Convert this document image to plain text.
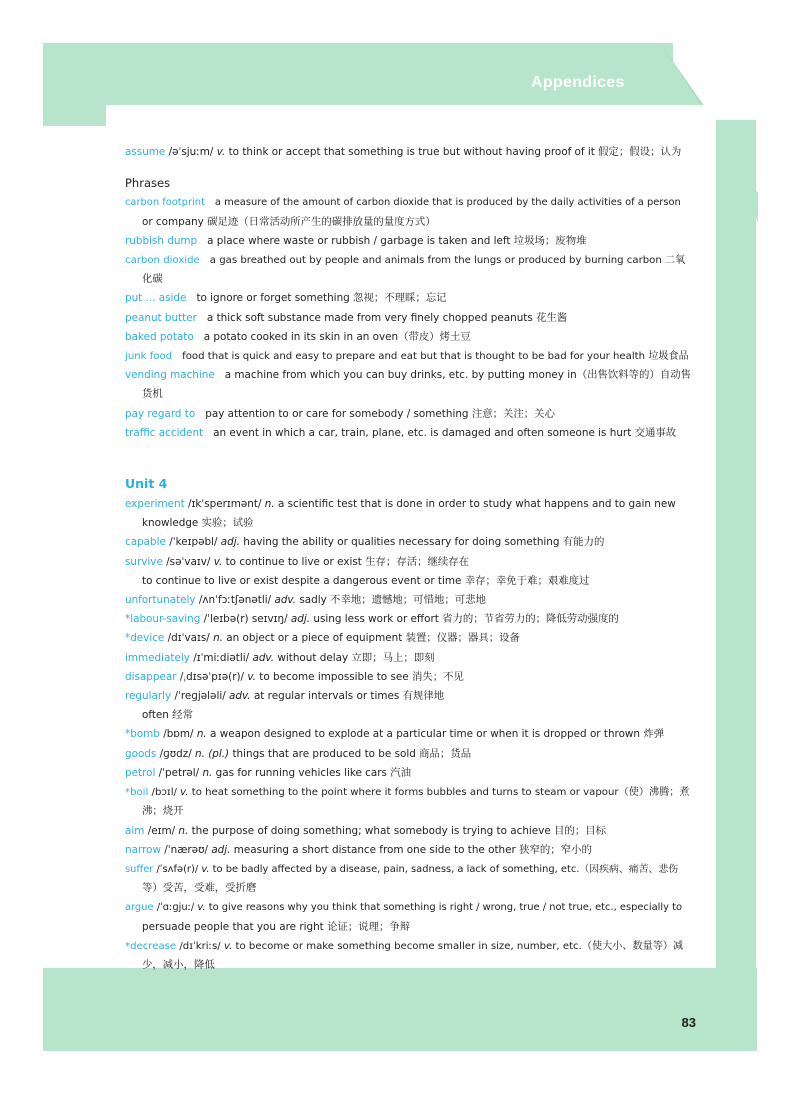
Appendices
83
assume /əˈsjuːm/ v. to think or accept that something is true but without having proof of it 假定；假设；认为
Phrases
carbon footprint a measure of the amount of carbon dioxide that is produced by the daily activities of a person
or company 碳足迹（日常活动所产生的碳排放量的量度方式）
rubbish dump a place where waste or rubbish / garbage is taken and left 垃圾场；废物堆
carbon dioxide a gas breathed out by people and animals from the lungs or produced by burning carbon 二氧
化碳
put ... aside to ignore or forget something 忽视；不理睬；忘记
peanut butter a thick soft substance made from very finely chopped peanuts 花生酱
baked potato a potato cooked in its skin in an oven（带皮）烤土豆
junk food food that is quick and easy to prepare and eat but that is thought to be bad for your health 垃圾食品
vending machine a machine from which you can buy drinks, etc. by putting money in（出售饮料等的）自动售
货机
pay regard to pay attention to or care for somebody / something 注意；关注；关心
traffic accident an event in which a car, train, plane, etc. is damaged and often someone is hurt 交通事故
Unit 4
experiment /ɪkˈsperɪmənt/ n. a scientific test that is done in order to study what happens and to gain new
knowledge 实验；试验
capable /ˈkeɪpəbl/ adj. having the ability or qualities necessary for doing something 有能力的
survive /səˈvaɪv/ v. to continue to live or exist 生存；存活；继续存在
to continue to live or exist despite a dangerous event or time 幸存；幸免于难；艰难度过
unfortunately /ʌnˈfɔːtʃənətli/ adv. sadly 不幸地；遗憾地；可惜地；可悲地
*labour-saving /ˈleɪbə(r) seɪvɪŋ/ adj. using less work or effort 省力的；节省劳力的；降低劳动强度的
*device /dɪˈvaɪs/ n. an object or a piece of equipment 装置；仪器；器具；设备
immediately /ɪˈmiːdiətli/ adv. without delay 立即；马上；即刻
disappear /ˌdɪsəˈpɪə(r)/ v. to become impossible to see 消失；不见
regularly /ˈreɡjələli/ adv. at regular intervals or times 有规律地
often 经常
*bomb /bɒm/ n. a weapon designed to explode at a particular time or when it is dropped or thrown 炸弹
goods /ɡʊdz/ n. (pl.) things that are produced to be sold 商品；货品
petrol /ˈpetrəl/ n. gas for running vehicles like cars 汽油
*boil /bɔɪl/ v. to heat something to the point where it forms bubbles and turns to steam or vapour（使）沸腾；煮
沸；烧开
aim /eɪm/ n. the purpose of doing something; what somebody is trying to achieve 目的；目标
narrow /ˈnærəʊ/ adj. measuring a short distance from one side to the other 狭窄的；窄小的
suffer /ˈsʌfə(r)/ v. to be badly affected by a disease, pain, sadness, a lack of something, etc.（因疾病、痛苦、悲伤
等）受苦，受难，受折磨
argue /ˈɑːɡjuː/ v. to give reasons why you think that something is right / wrong, true / not true, etc., especially to
persuade people that you are right 论证；说理；争辩
*decrease /dɪˈkriːs/ v. to become or make something become smaller in size, number, etc.（使大小、数量等）减
少，减小，降低
